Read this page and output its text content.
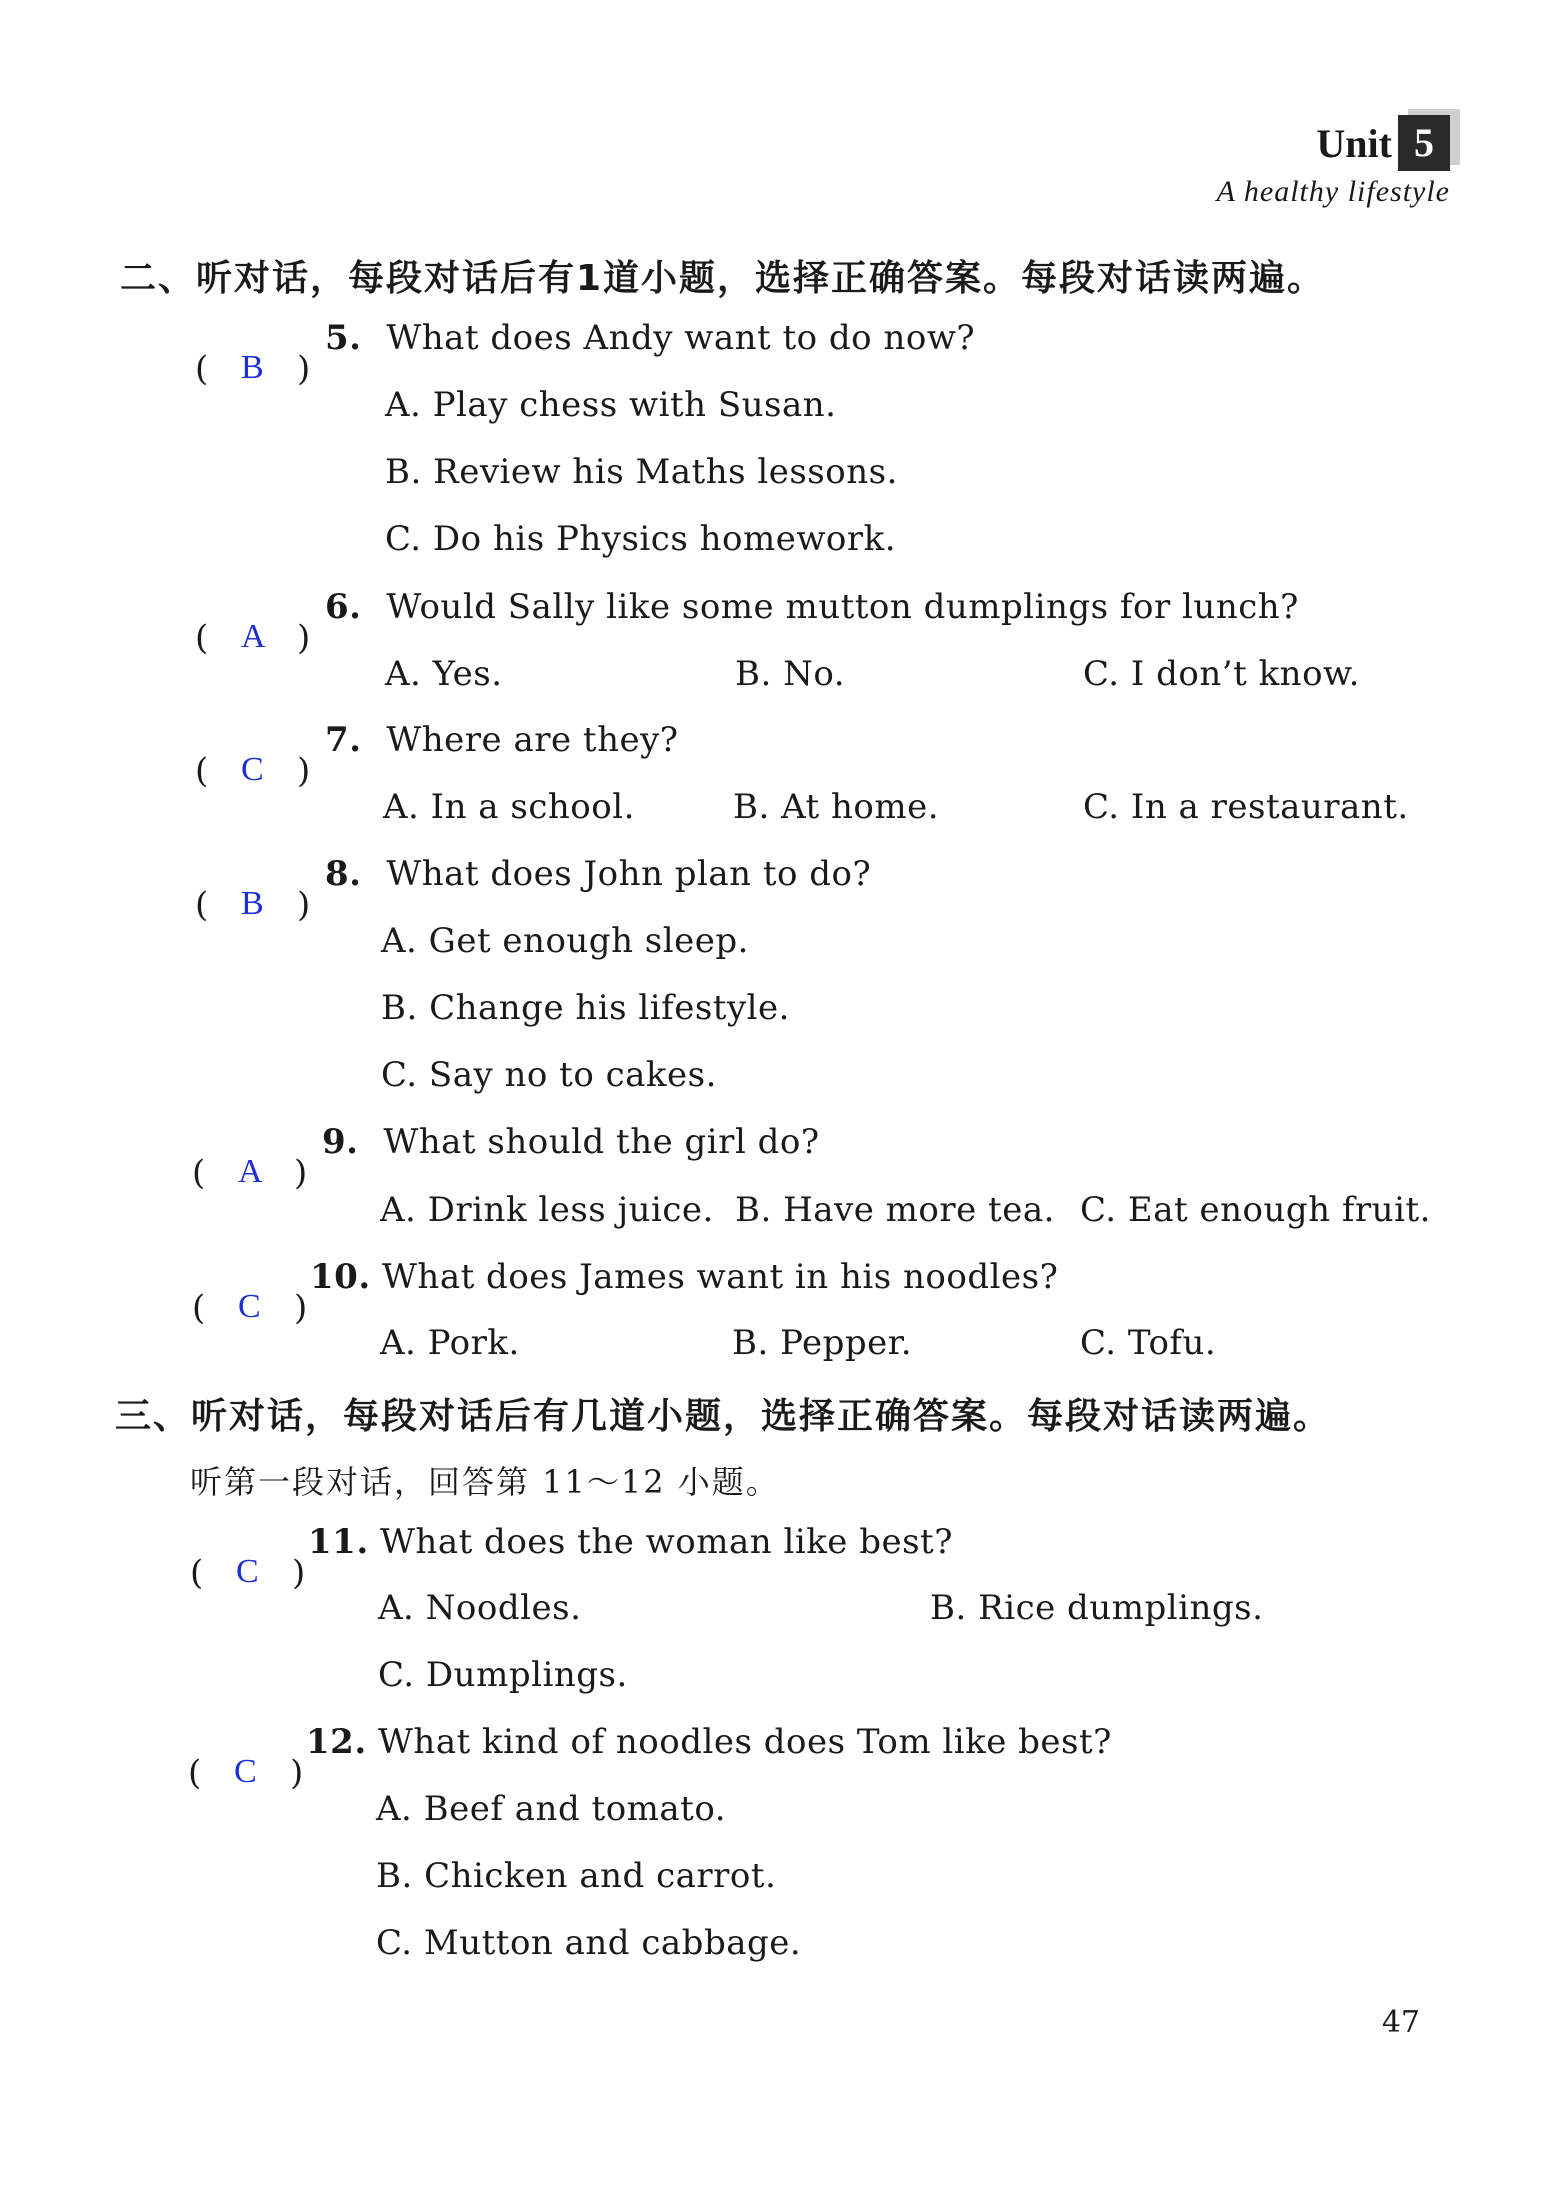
Unit 5
A healthy lifestyle
二、听对话，每段对话后有1道小题，选择正确答案。每段对话读两遍。
( B )
5. What does Andy want to do now?
A. Play chess with Susan.
B. Review his Maths lessons.
C. Do his Physics homework.
( A )
6. Would Sally like some mutton dumplings for lunch?
A. Yes.	B. No.	C. I don’t know.
( C )
7. Where are they?
A. In a school.	B. At home.	C. In a restaurant.
( B )
8. What does John plan to do?
A. Get enough sleep.
B. Change his lifestyle.
C. Say no to cakes.
( A )
9. What should the girl do?
A. Drink less juice. B. Have more tea. C. Eat enough fruit.
( C )
10. What does James want in his noodles?
A. Pork.	B. Pepper.	C. Tofu.
三、听对话，每段对话后有几道小题，选择正确答案。每段对话读两遍。
听第一段对话，回答第 11～12 小题。
( C )
11. What does the woman like best?
A. Noodles.	B. Rice dumplings.
C. Dumplings.
( C )
12. What kind of noodles does Tom like best?
A. Beef and tomato.
B. Chicken and carrot.
C. Mutton and cabbage.
47
